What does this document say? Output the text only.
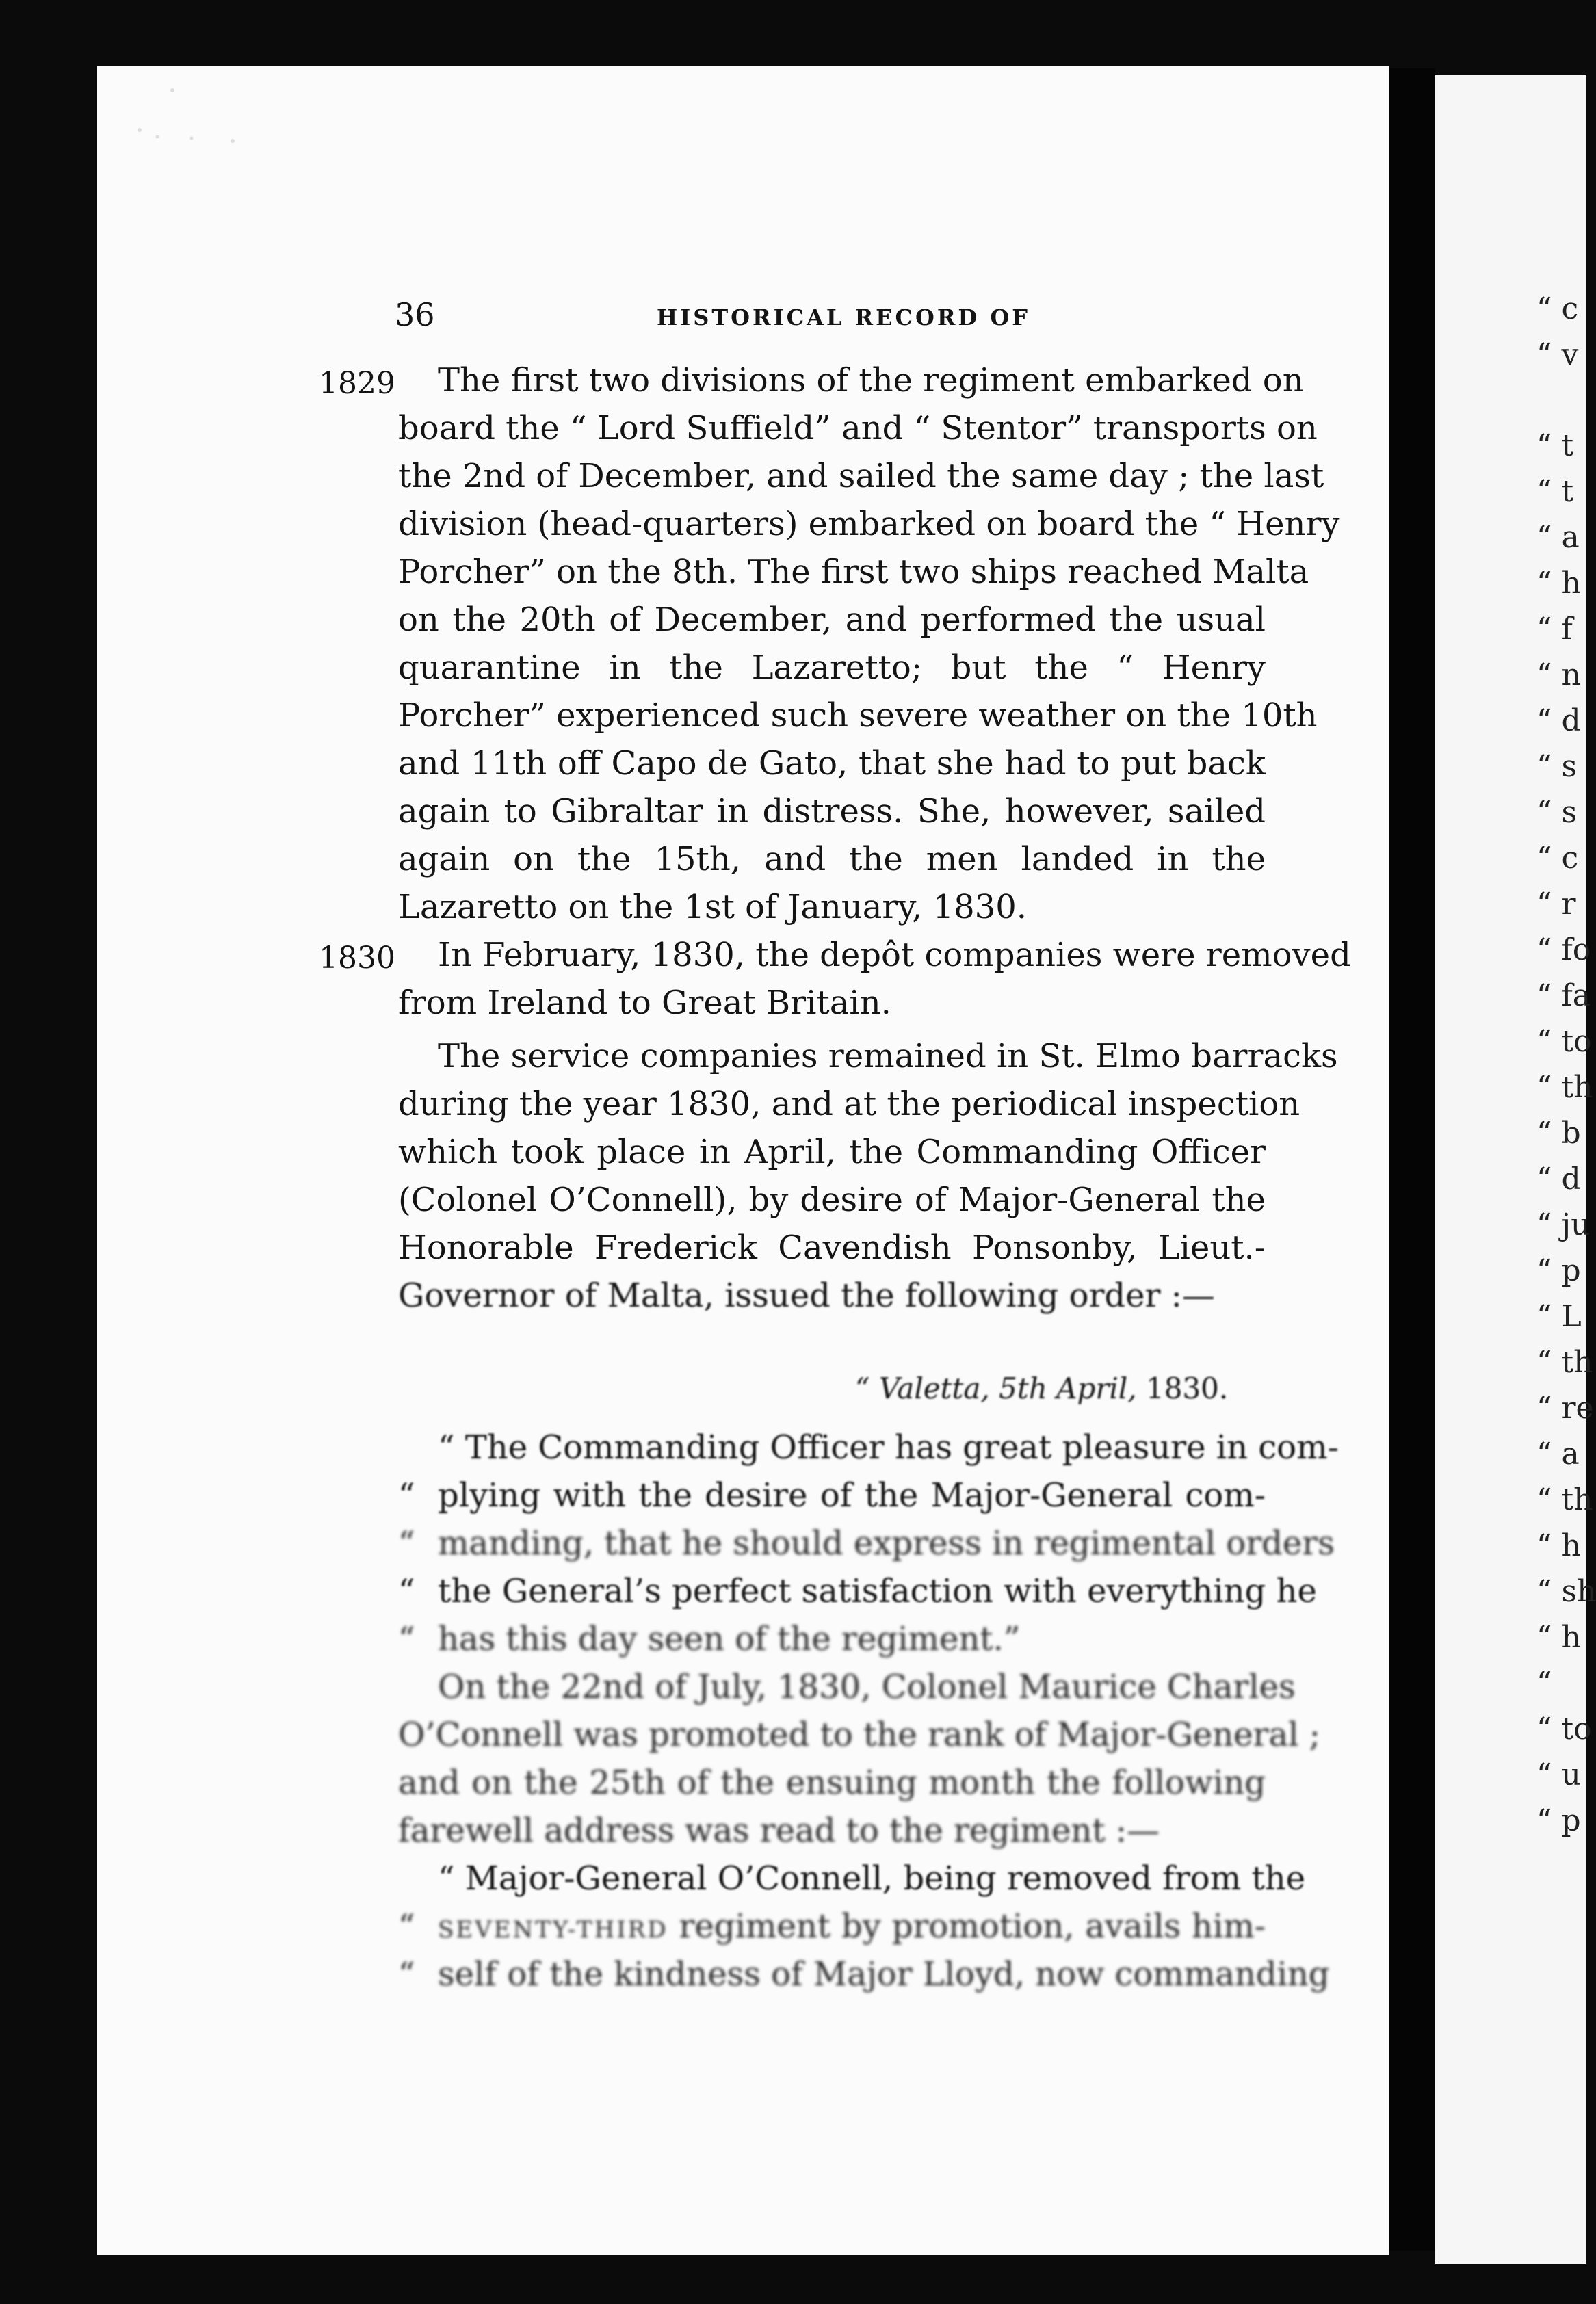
“ c
“ v
“ t
“ t
“ a
“ h
“ f
“ n
“ d
“ s
“ s
“ c
“ r
“ fo
“ fa
“ to
“ th
“ b
“ d
“ ju
“ p
“ L
“ th
“ re
“ a
“ th
“ h
“ sh
“ h
“
“ to
“ u
“ p
36	HISTORICAL RECORD OF
1829
1830
The first two divisions of the regiment embarked on
board the “ Lord Suffield” and “ Stentor” transports on
the 2nd of December, and sailed the same day ; the last
division (head-quarters) embarked on board the “ Henry
Porcher” on the 8th. The first two ships reached Malta
on the 20th of December, and performed the usual
quarantine in the Lazaretto; but the “ Henry
Porcher” experienced such severe weather on the 10th
and 11th off Capo de Gato, that she had to put back
again to Gibraltar in distress. She, however, sailed
again on the 15th, and the men landed in the
Lazaretto on the 1st of January, 1830.
In February, 1830, the depôt companies were removed
from Ireland to Great Britain.
The service companies remained in St. Elmo barracks
during the year 1830, and at the periodical inspection
which took place in April, the Commanding Officer
(Colonel O’Connell), by desire of Major-General the
Honorable Frederick Cavendish Ponsonby, Lieut.-
Governor of Malta, issued the following order :—
“ Valetta, 5th April, 1830.
“ The Commanding Officer has great pleasure in com-
“ plying with the desire of the Major-General com-
“ manding, that he should express in regimental orders
“ the General’s perfect satisfaction with everything he
“ has this day seen of the regiment.”
On the 22nd of July, 1830, Colonel Maurice Charles
O’Connell was promoted to the rank of Major-General ;
and on the 25th of the ensuing month the following
farewell address was read to the regiment :—
“ Major-General O’Connell, being removed from the
“ SEVENTY-THIRD regiment by promotion, avails him-
“ self of the kindness of Major Lloyd, now commanding
